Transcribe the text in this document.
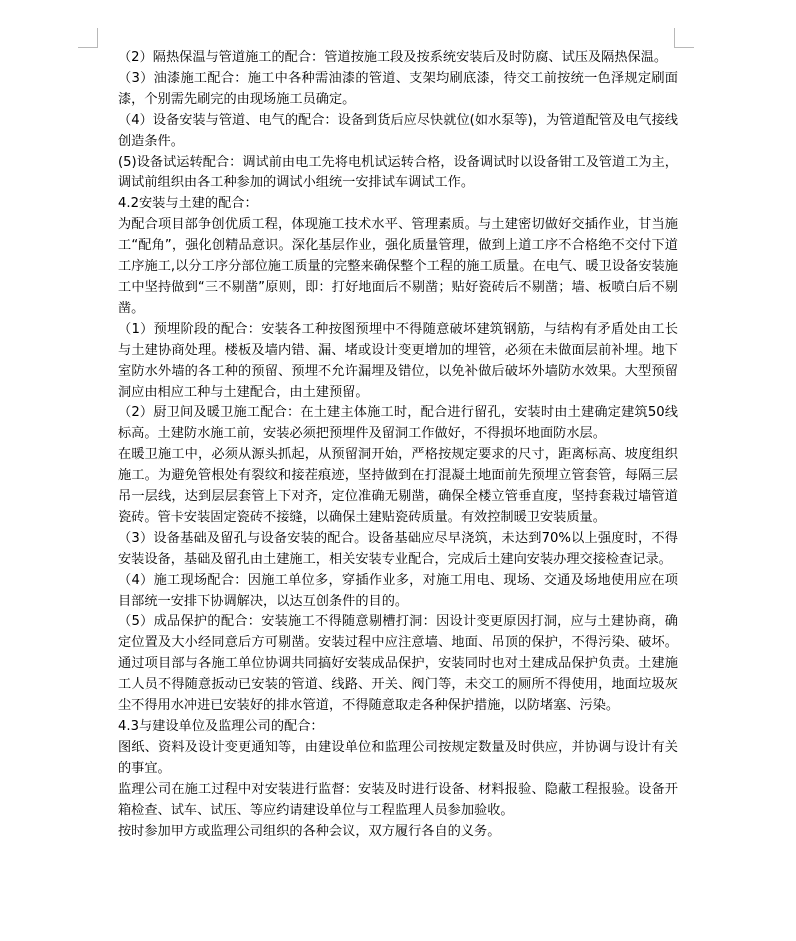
（2）隔热保温与管道施工的配合：管道按施工段及按系统安装后及时防腐、试压及隔热保温。

（3）油漆施工配合：施工中各种需油漆的管道、支架均刷底漆，待交工前按统一色泽规定刷面漆，个别需先刷完的由现场施工员确定。

（4）设备安装与管道、电气的配合：设备到货后应尽快就位(如水泵等)，为管道配管及电气接线创造条件。

(5)设备试运转配合：调试前由电工先将电机试运转合格，设备调试时以设备钳工及管道工为主，调试前组织由各工种参加的调试小组统一安排试车调试工作。

4.2安装与土建的配合：

为配合项目部争创优质工程，体现施工技术水平、管理素质。与土建密切做好交插作业，甘当施工“配角”，强化创精品意识。深化基层作业，强化质量管理，做到上道工序不合格绝不交付下道工序施工,以分工序分部位施工质量的完整来确保整个工程的施工质量。在电气、暖卫设备安装施工中坚持做到“三不剔凿”原则，即：打好地面后不剔凿；贴好瓷砖后不剔凿；墙、板喷白后不剔凿。

（1）预埋阶段的配合：安装各工种按图预埋中不得随意破坏建筑钢筋，与结构有矛盾处由工长与土建协商处理。楼板及墙内错、漏、堵或设计变更增加的埋管，必须在未做面层前补埋。地下室防水外墙的各工种的预留、预埋不允许漏埋及错位，以免补做后破坏外墙防水效果。大型预留洞应由相应工种与土建配合，由土建预留。

（2）厨卫间及暖卫施工配合：在土建主体施工时，配合进行留孔，安装时由土建确定建筑50线标高。土建防水施工前，安装必须把预埋件及留洞工作做好，不得损坏地面防水层。

在暖卫施工中，必须从源头抓起，从预留洞开始，严格按规定要求的尺寸，距离标高、坡度组织施工。为避免管根处有裂纹和接茬痕迹，坚持做到在打混凝土地面前先预埋立管套管，每隔三层吊一层线，达到层层套管上下对齐，定位准确无剔凿，确保全楼立管垂直度，坚持套栽过墙管道瓷砖。管卡安装固定瓷砖不接缝，以确保土建贴瓷砖质量。有效控制暖卫安装质量。

（3）设备基础及留孔与设备安装的配合。设备基础应尽早浇筑，未达到70%以上强度时，不得安装设备，基础及留孔由土建施工，相关安装专业配合，完成后土建向安装办理交接检查记录。

（4）施工现场配合：因施工单位多，穿插作业多，对施工用电、现场、交通及场地使用应在项目部统一安排下协调解决，以达互创条件的目的。

（5）成品保护的配合：安装施工不得随意剔槽打洞：因设计变更原因打洞，应与土建协商，确定位置及大小经同意后方可剔凿。安装过程中应注意墙、地面、吊顶的保护，不得污染、破坏。通过项目部与各施工单位协调共同搞好安装成品保护，安装同时也对土建成品保护负责。土建施工人员不得随意扳动已安装的管道、线路、开关、阀门等，未交工的厕所不得使用，地面垃圾灰尘不得用水冲进已安装好的排水管道，不得随意取走各种保护措施，以防堵塞、污染。

4.3与建设单位及监理公司的配合：

图纸、资料及设计变更通知等，由建设单位和监理公司按规定数量及时供应，并协调与设计有关的事宜。

监理公司在施工过程中对安装进行监督：安装及时进行设备、材料报验、隐蔽工程报验。设备开箱检查、试车、试压、等应约请建设单位与工程监理人员参加验收。

按时参加甲方或监理公司组织的各种会议，双方履行各自的义务。
